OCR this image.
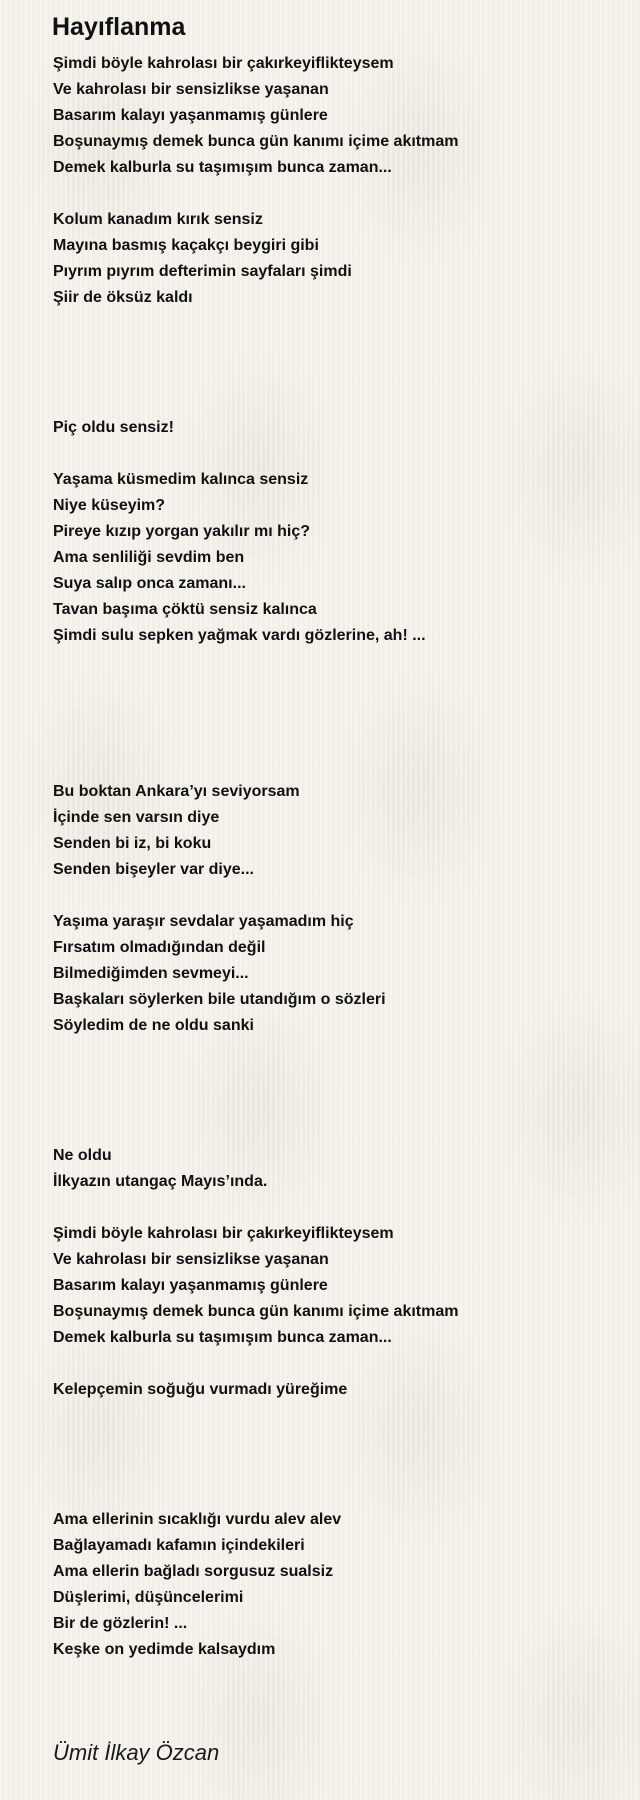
Hayıflanma
Şimdi böyle kahrolası bir çakırkeyiflikteysem
Ve kahrolası bir sensizlikse yaşanan
Basarım kalayı yaşanmamış günlere
Boşunaymış demek bunca gün kanımı içime akıtmam
Demek kalburla su taşımışım bunca zaman...
Kolum kanadım kırık sensiz
Mayına basmış kaçakçı beygiri gibi
Pıyrım pıyrım defterimin sayfaları şimdi
Şiir de öksüz kaldı
Piç oldu sensiz!
Yaşama küsmedim kalınca sensiz
Niye küseyim?
Pireye kızıp yorgan yakılır mı hiç?
Ama senliliği sevdim ben
Suya salıp onca zamanı...
Tavan başıma çöktü sensiz kalınca
Şimdi sulu sepken yağmak vardı gözlerine, ah! ...
Bu boktan Ankara’yı seviyorsam
İçinde sen varsın diye
Senden bi iz, bi koku
Senden bişeyler var diye...
Yaşıma yaraşır sevdalar yaşamadım hiç
Fırsatım olmadığından değil
Bilmediğimden sevmeyi...
Başkaları söylerken bile utandığım o sözleri
Söyledim de ne oldu sanki
Ne oldu
İlkyazın utangaç Mayıs’ında.
Şimdi böyle kahrolası bir çakırkeyiflikteysem
Ve kahrolası bir sensizlikse yaşanan
Basarım kalayı yaşanmamış günlere
Boşunaymış demek bunca gün kanımı içime akıtmam
Demek kalburla su taşımışım bunca zaman...
Kelepçemin soğuğu vurmadı yüreğime
Ama ellerinin sıcaklığı vurdu alev alev
Bağlayamadı kafamın içindekileri
Ama ellerin bağladı sorgusuz sualsiz
Düşlerimi, düşüncelerimi
Bir de gözlerin! ...
Keşke on yedimde kalsaydım
Ümit İlkay Özcan
